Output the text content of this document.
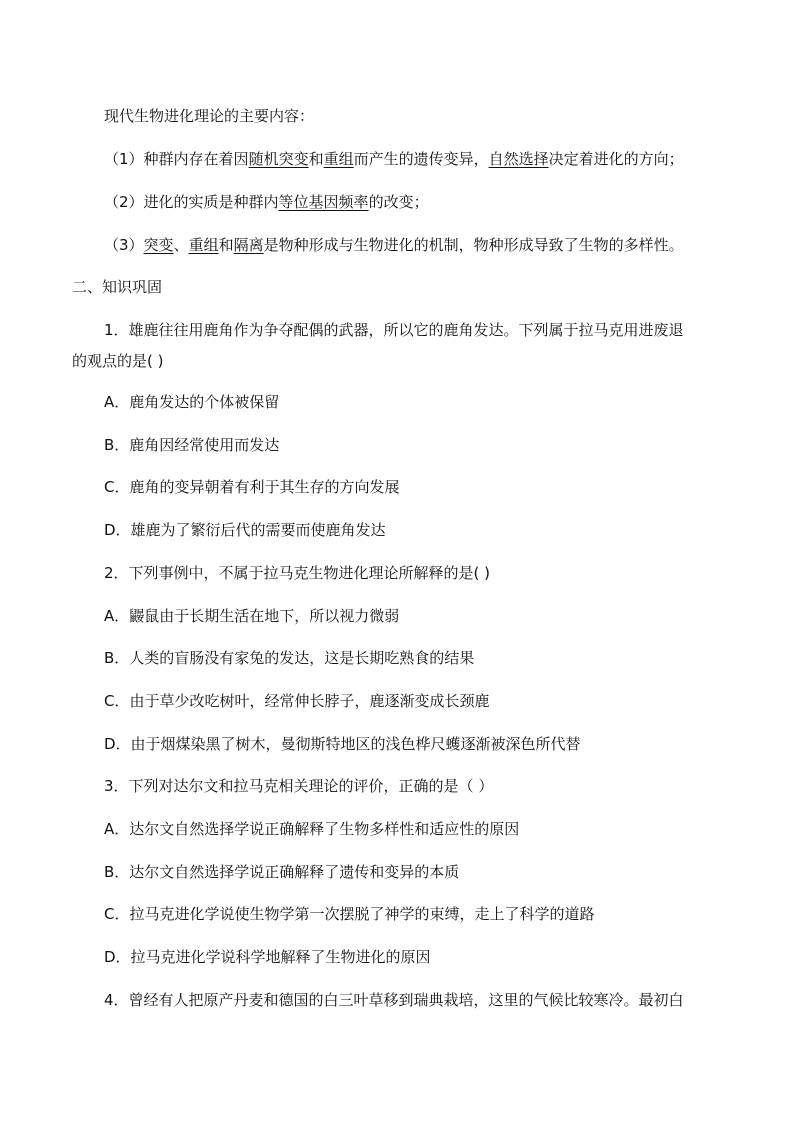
现代生物进化理论的主要内容：
（1）种群内存在着因随机突变和重组而产生的遗传变异，自然选择决定着进化的方向；
（2）进化的实质是种群内等位基因频率的改变；
（3）突变、重组和隔离是物种形成与生物进化的机制，物种形成导致了生物的多样性。
二、知识巩固
1．雄鹿往往用鹿角作为争夺配偶的武器，所以它的鹿角发达。下列属于拉马克用进废退
的观点的是( )
A．鹿角发达的个体被保留
B．鹿角因经常使用而发达
C．鹿角的变异朝着有利于其生存的方向发展
D．雄鹿为了繁衍后代的需要而使鹿角发达
2．下列事例中，不属于拉马克生物进化理论所解释的是( )
A．鼹鼠由于长期生活在地下，所以视力微弱
B．人类的盲肠没有家兔的发达，这是长期吃熟食的结果
C．由于草少改吃树叶，经常伸长脖子，鹿逐渐变成长颈鹿
D．由于烟煤染黑了树木，曼彻斯特地区的浅色桦尺蠖逐渐被深色所代替
3．下列对达尔文和拉马克相关理论的评价，正确的是（ ）
A．达尔文自然选择学说正确解释了生物多样性和适应性的原因
B．达尔文自然选择学说正确解释了遗传和变异的本质
C．拉马克进化学说使生物学第一次摆脱了神学的束缚，走上了科学的道路
D．拉马克进化学说科学地解释了生物进化的原因
4．曾经有人把原产丹麦和德国的白三叶草移到瑞典栽培，这里的气候比较寒冷。最初白
